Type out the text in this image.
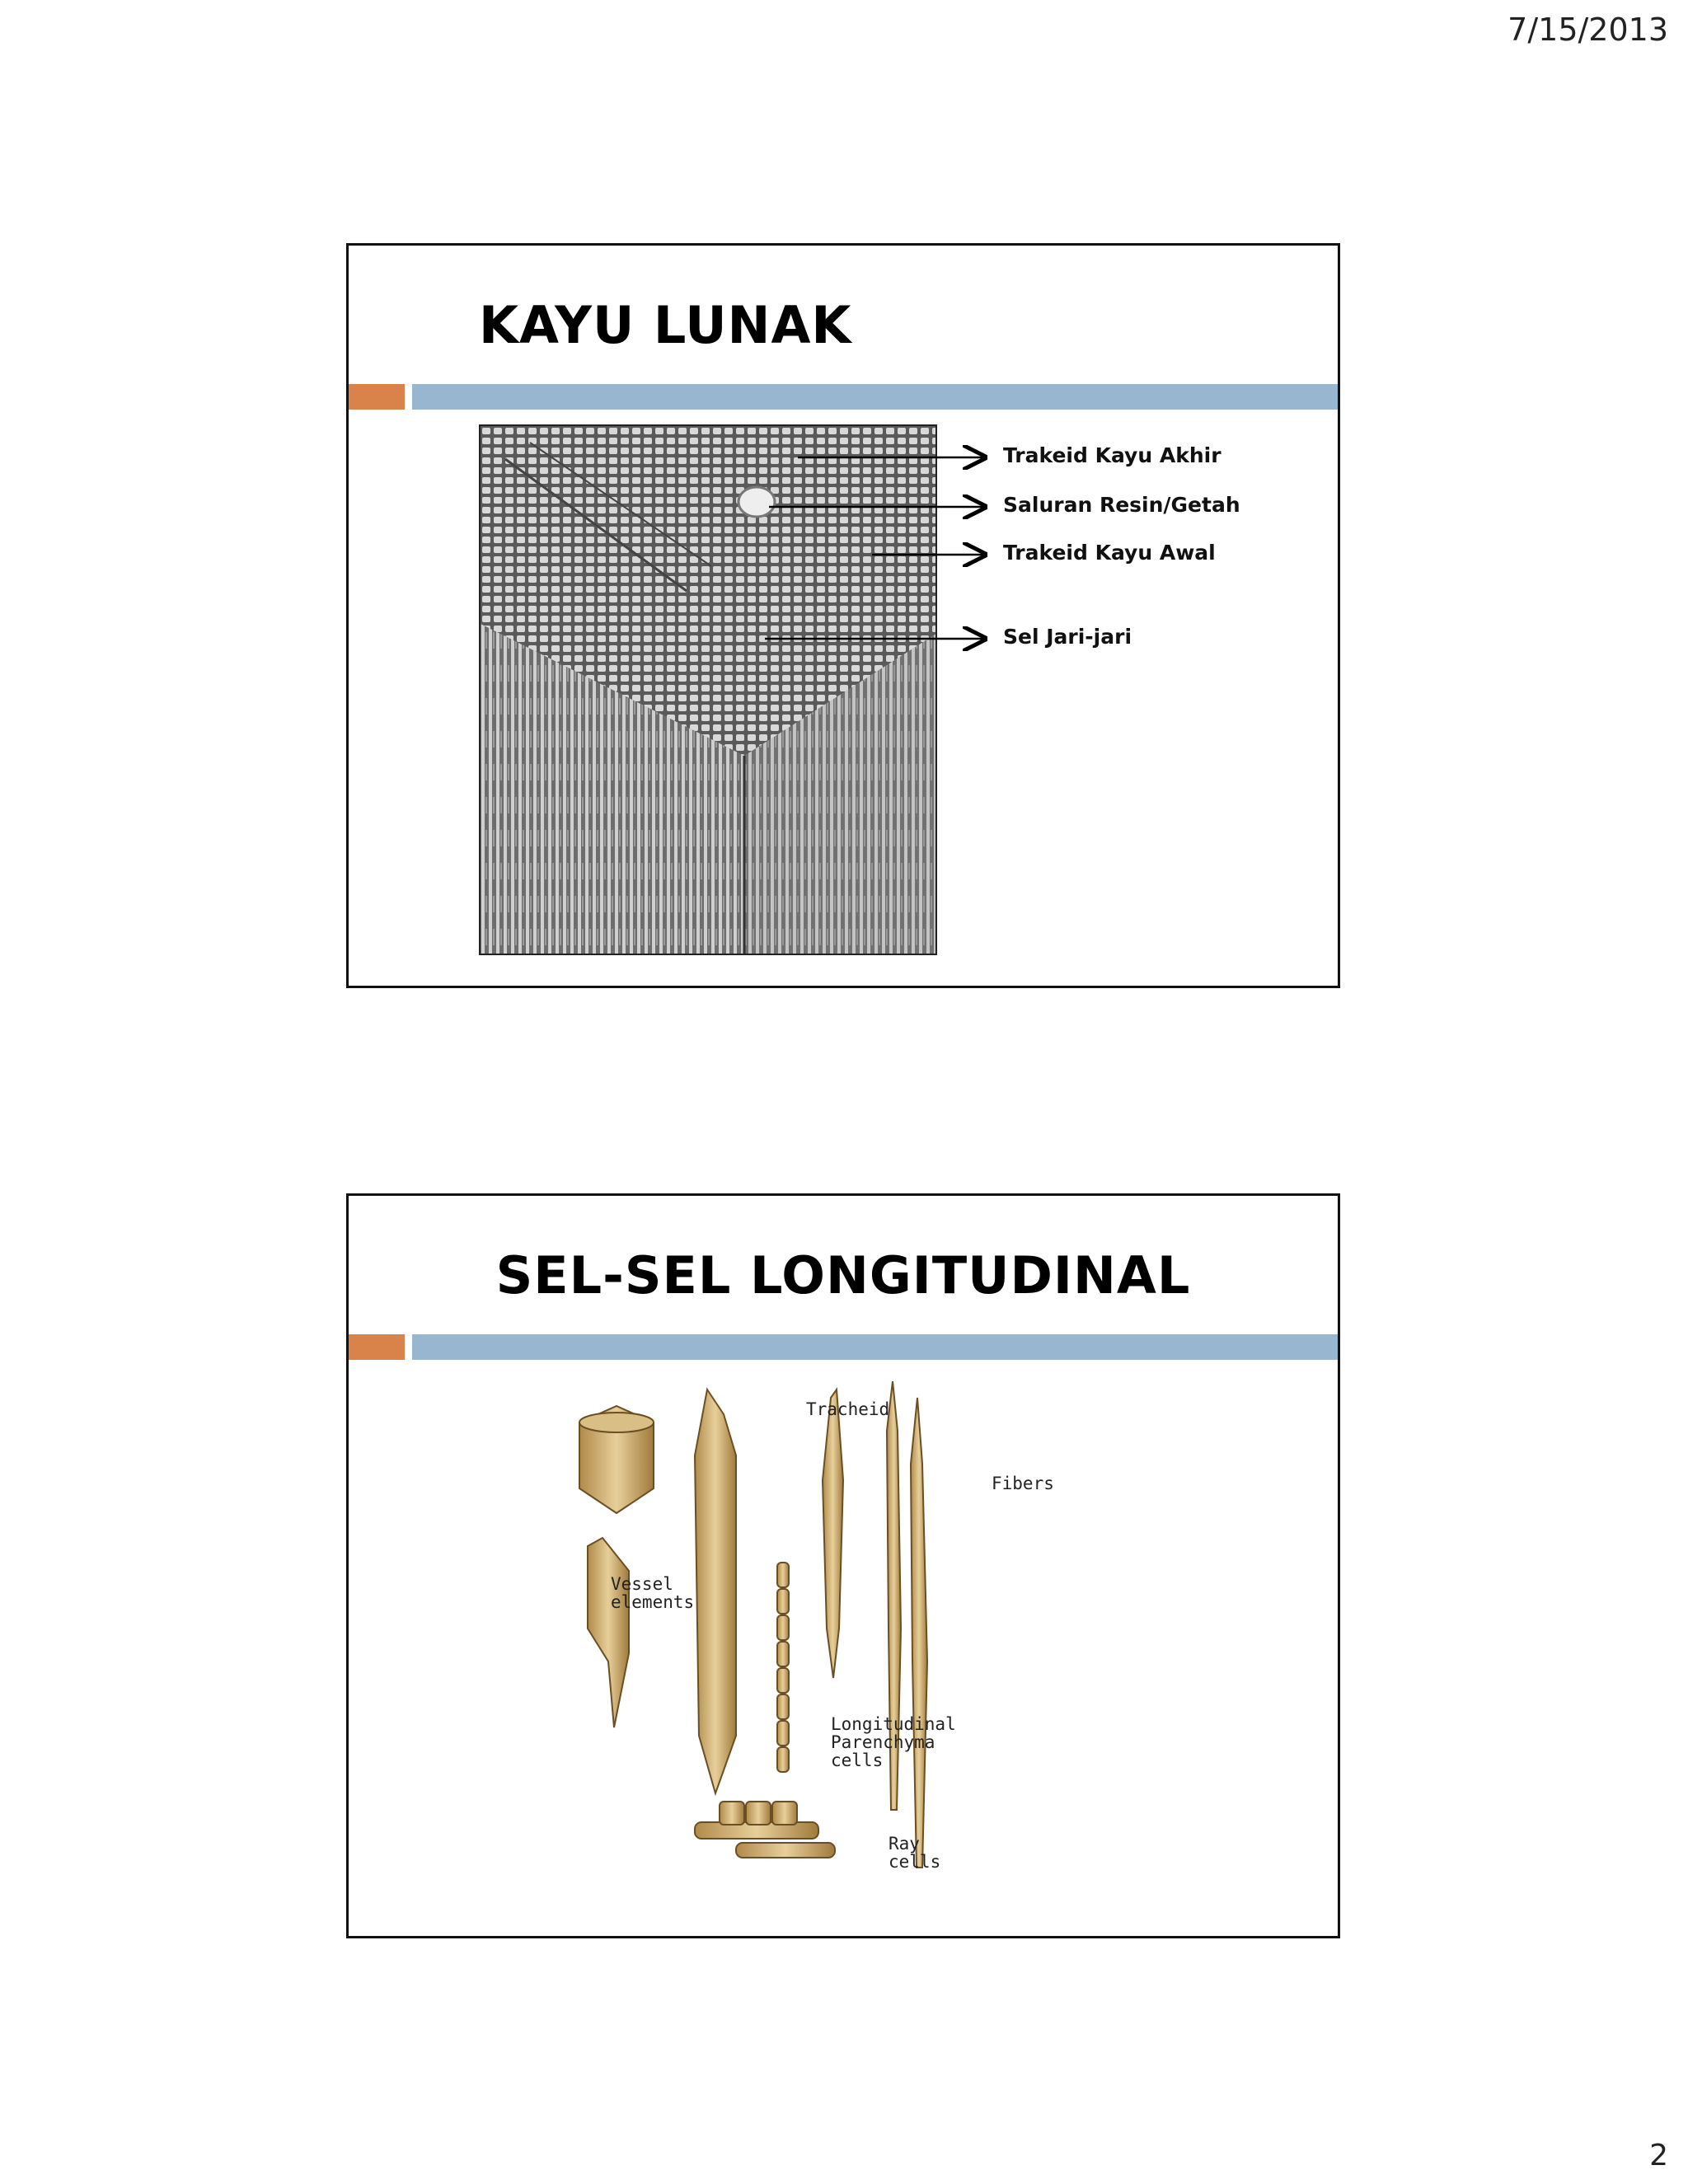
7/15/2013
KAYU LUNAK
Trakeid Kayu Akhir
Saluran Resin/Getah
Trakeid Kayu Awal
Sel Jari-jari
SEL-SEL LONGITUDINAL
Tracheid
Fibers
Vessel
elements
Longitudinal
Parenchyma
cells
Ray
cells
2
